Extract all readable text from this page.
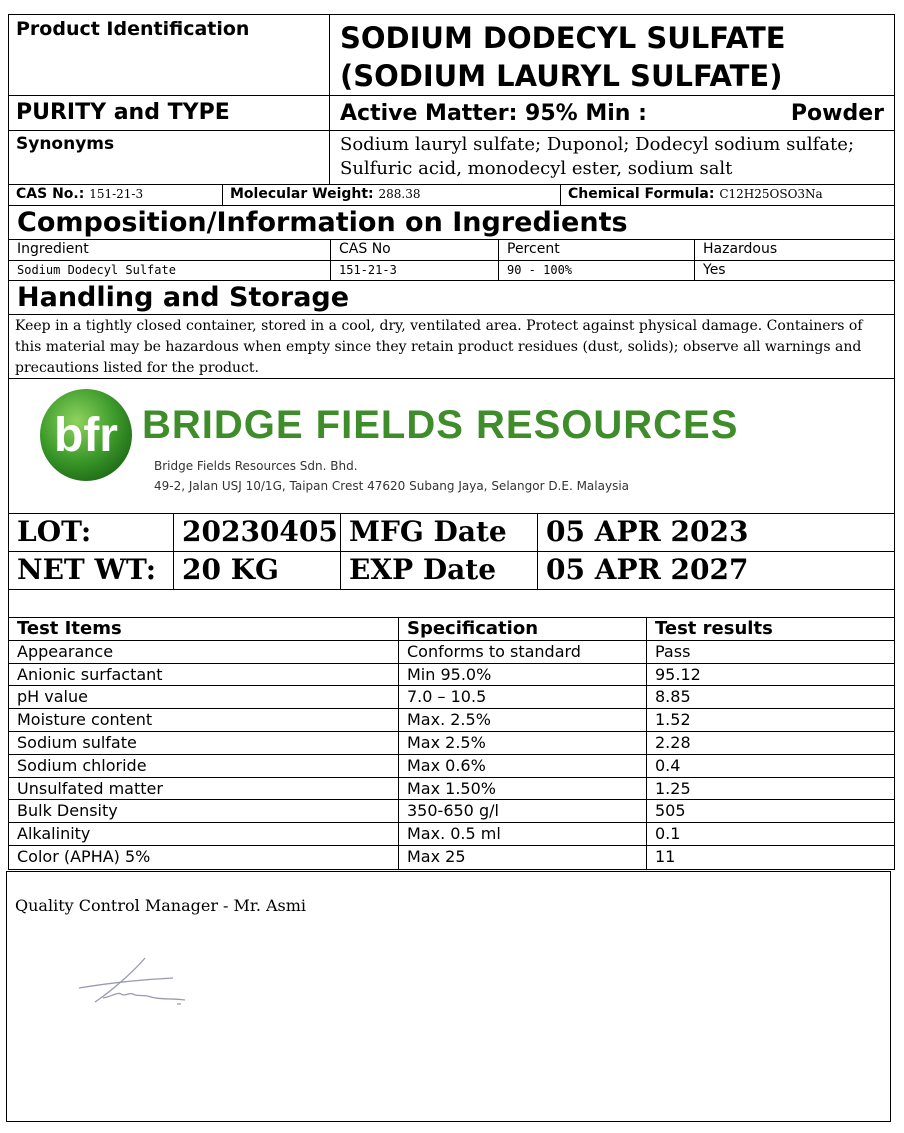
Product Identification	SODIUM DODECYL SULFATE
(SODIUM LAURYL SULFATE)
PURITY and TYPE	Active Matter: 95% Min :	Powder
Synonyms	Sodium lauryl sulfate; Duponol; Dodecyl sodium sulfate;
Sulfuric acid, monodecyl ester, sodium salt
CAS No.: 151-21-3	Molecular Weight: 288.38	Chemical Formula: C12H25OSO3Na
Composition/Information on Ingredients
Ingredient	CAS No	Percent	Hazardous
Sodium Dodecyl Sulfate	151-21-3	90 - 100%	Yes
Handling and Storage
Keep in a tightly closed container, stored in a cool, dry, ventilated area. Protect against physical damage. Containers of
this material may be hazardous when empty since they retain product residues (dust, solids); observe all warnings and
precautions listed for the product.
bfr BRIDGE FIELDS RESOURCES
Bridge Fields Resources Sdn. Bhd.
49-2, Jalan USJ 10/1G, Taipan Crest 47620 Subang Jaya, Selangor D.E. Malaysia
LOT:	20230405 MFG Date	05 APR 2023
NET WT: 20 KG	EXP Date	05 APR 2027
Test Items	Specification	Test results
Appearance	Conforms to standard	Pass
Anionic surfactant	Min 95.0%	95.12
pH value	7.0 – 10.5	8.85
Moisture content	Max. 2.5%	1.52
Sodium sulfate	Max 2.5%	2.28
Sodium chloride	Max 0.6%	0.4
Unsulfated matter	Max 1.50%	1.25
Bulk Density	350-650 g/l	505
Alkalinity	Max. 0.5 ml	0.1
Color (APHA) 5%	Max 25	11
Quality Control Manager - Mr. Asmi
